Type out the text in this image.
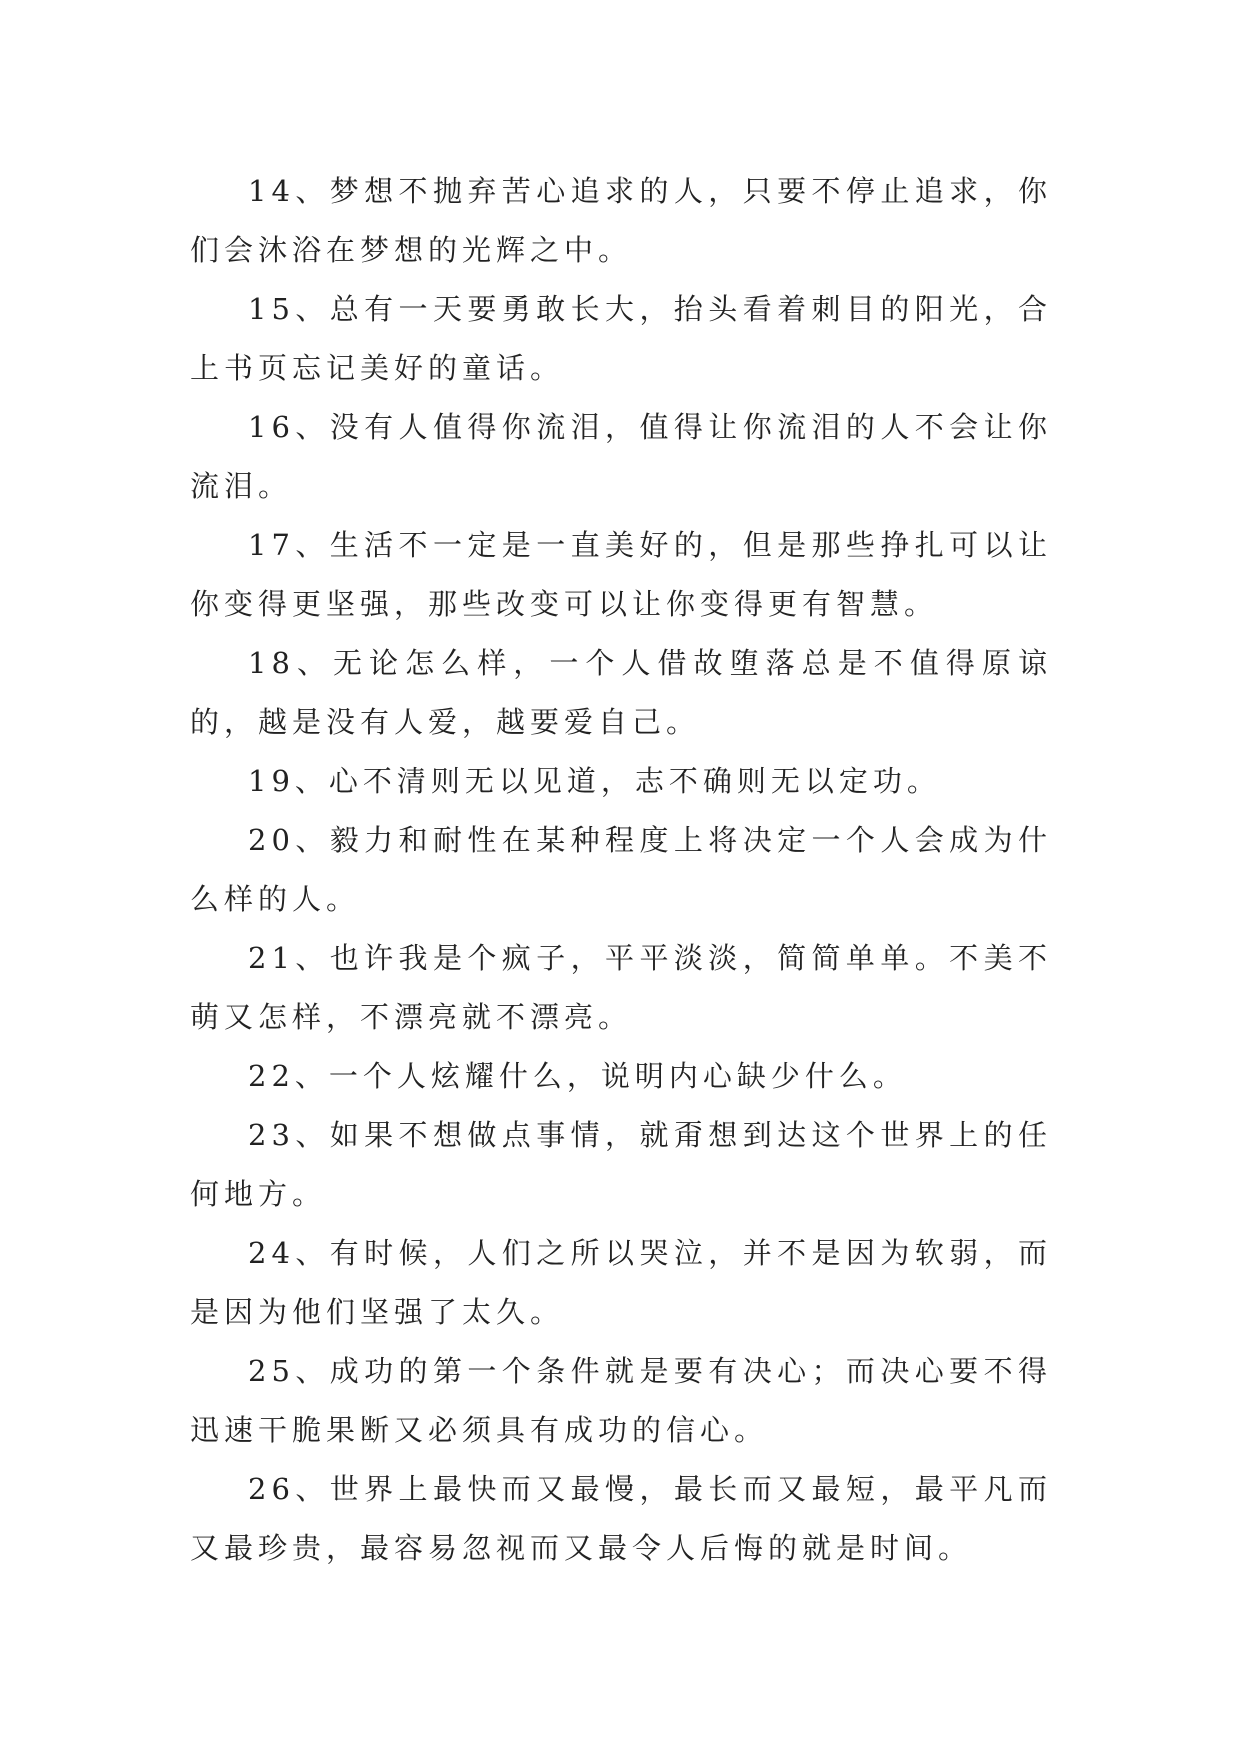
14、梦想不抛弃苦心追求的人，只要不停止追求，你们会沐浴在梦想的光辉之中。

15、总有一天要勇敢长大，抬头看着刺目的阳光，合上书页忘记美好的童话。

16、没有人值得你流泪，值得让你流泪的人不会让你流泪。

17、生活不一定是一直美好的，但是那些挣扎可以让你变得更坚强，那些改变可以让你变得更有智慧。

18、无论怎么样，一个人借故堕落总是不值得原谅的，越是没有人爱，越要爱自己。

19、心不清则无以见道，志不确则无以定功。

20、毅力和耐性在某种程度上将决定一个人会成为什么样的人。

21、也许我是个疯子，平平淡淡，简简单单。不美不萌又怎样，不漂亮就不漂亮。

22、一个人炫耀什么，说明内心缺少什么。

23、如果不想做点事情，就甭想到达这个世界上的任何地方。

24、有时候，人们之所以哭泣，并不是因为软弱，而是因为他们坚强了太久。

25、成功的第一个条件就是要有决心；而决心要不得迅速干脆果断又必须具有成功的信心。

26、世界上最快而又最慢，最长而又最短，最平凡而又最珍贵，最容易忽视而又最令人后悔的就是时间。
